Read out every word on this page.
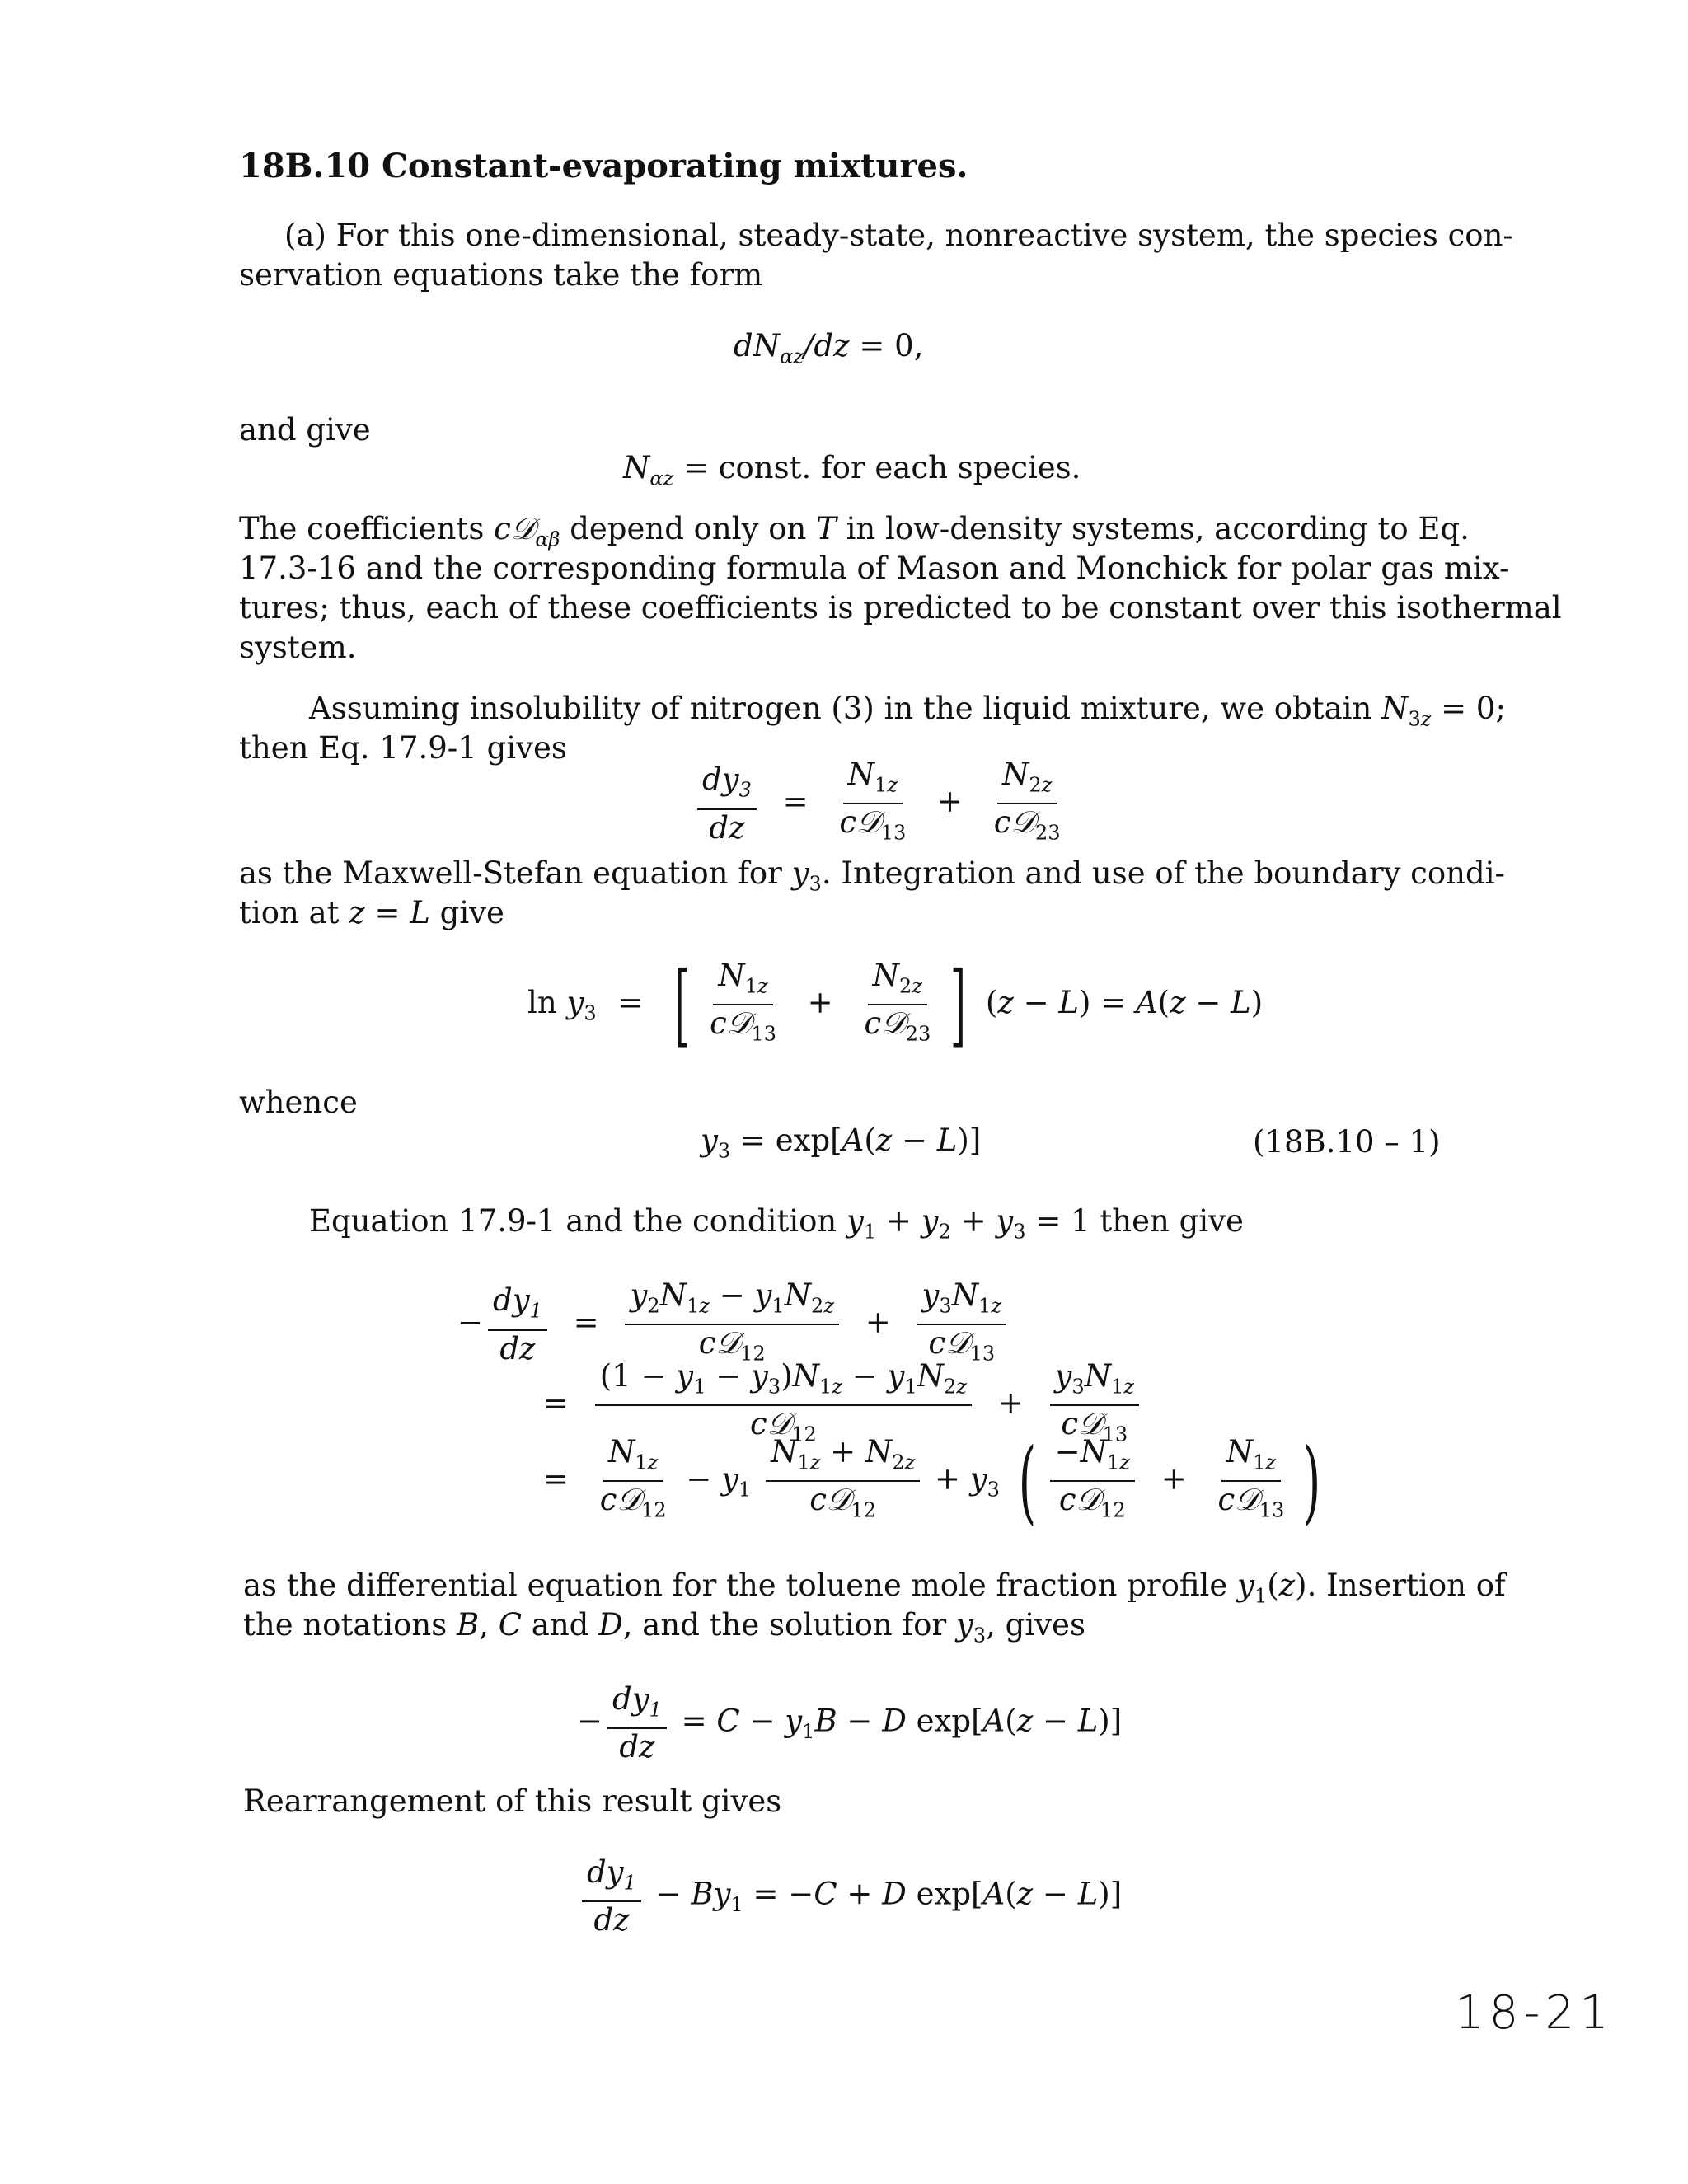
18B.10 Constant-evaporating mixtures.
(a) For this one-dimensional, steady-state, nonreactive system, the species con-
servation equations take the form
$dN_{\alpha z}/dz = 0$,
and give
$N_{\alpha z}$ = const. for each species.
The coefficients c𝒟$_{\alpha\beta}$ depend only on T in low-density systems, according to Eq.
17.3-16 and the corresponding formula of Mason and Monchick for polar gas mix-
tures; thus, each of these coefficients is predicted to be constant over this isothermal
system.
Assuming insolubility of nitrogen (3) in the liquid mixture, we obtain $N_{3z} = 0$;
then Eq. 17.9-1 gives
$\frac{dy_3}{dz} = \frac{N_{1z}}{c𝒟_{13}} + \frac{N_{2z}}{c𝒟_{23}}$
as the Maxwell-Stefan equation for $y_3$. Integration and use of the boundary condi-
tion at z = L give
$\ln y_3$ = [ $\frac{N_{1z}}{c𝒟_{13}} + \frac{N_{2z}}{c𝒟_{23}}$ ] (z − L) = A(z − L)
whence
$y_3 = \exp[A(z - L)]$	(18B.10 – 1)
Equation 17.9-1 and the condition $y_1 + y_2 + y_3 = 1$ then give
− $\frac{dy_1}{dz} = \frac{y_2N_{1z} - y_1N_{2z}}{c𝒟_{12}} + \frac{y_3N_{1z}}{c𝒟_{13}}$
= $\frac{(1 - y_1 - y_3)N_{1z} - y_1N_{2z}}{c𝒟_{12}} + \frac{y_3N_{1z}}{c𝒟_{13}}$
= $\frac{N_{1z}}{c𝒟_{12}} - y_1 \frac{N_{1z} + N_{2z}}{c𝒟_{12}} + y_3$ ( $\frac{-N_{1z}}{c𝒟_{12}} + \frac{N_{1z}}{c𝒟_{13}}$ )
as the differential equation for the toluene mole fraction profile $y_1(z)$. Insertion of
the notations B, C and D, and the solution for $y_3$, gives
− $\frac{dy_1}{dz} = C - y_1B - D$ exp[A(z − L)]
Rearrangement of this result gives
$\frac{dy_1}{dz} - By_1 = -C + D$ exp[A(z − L)]
18-21
